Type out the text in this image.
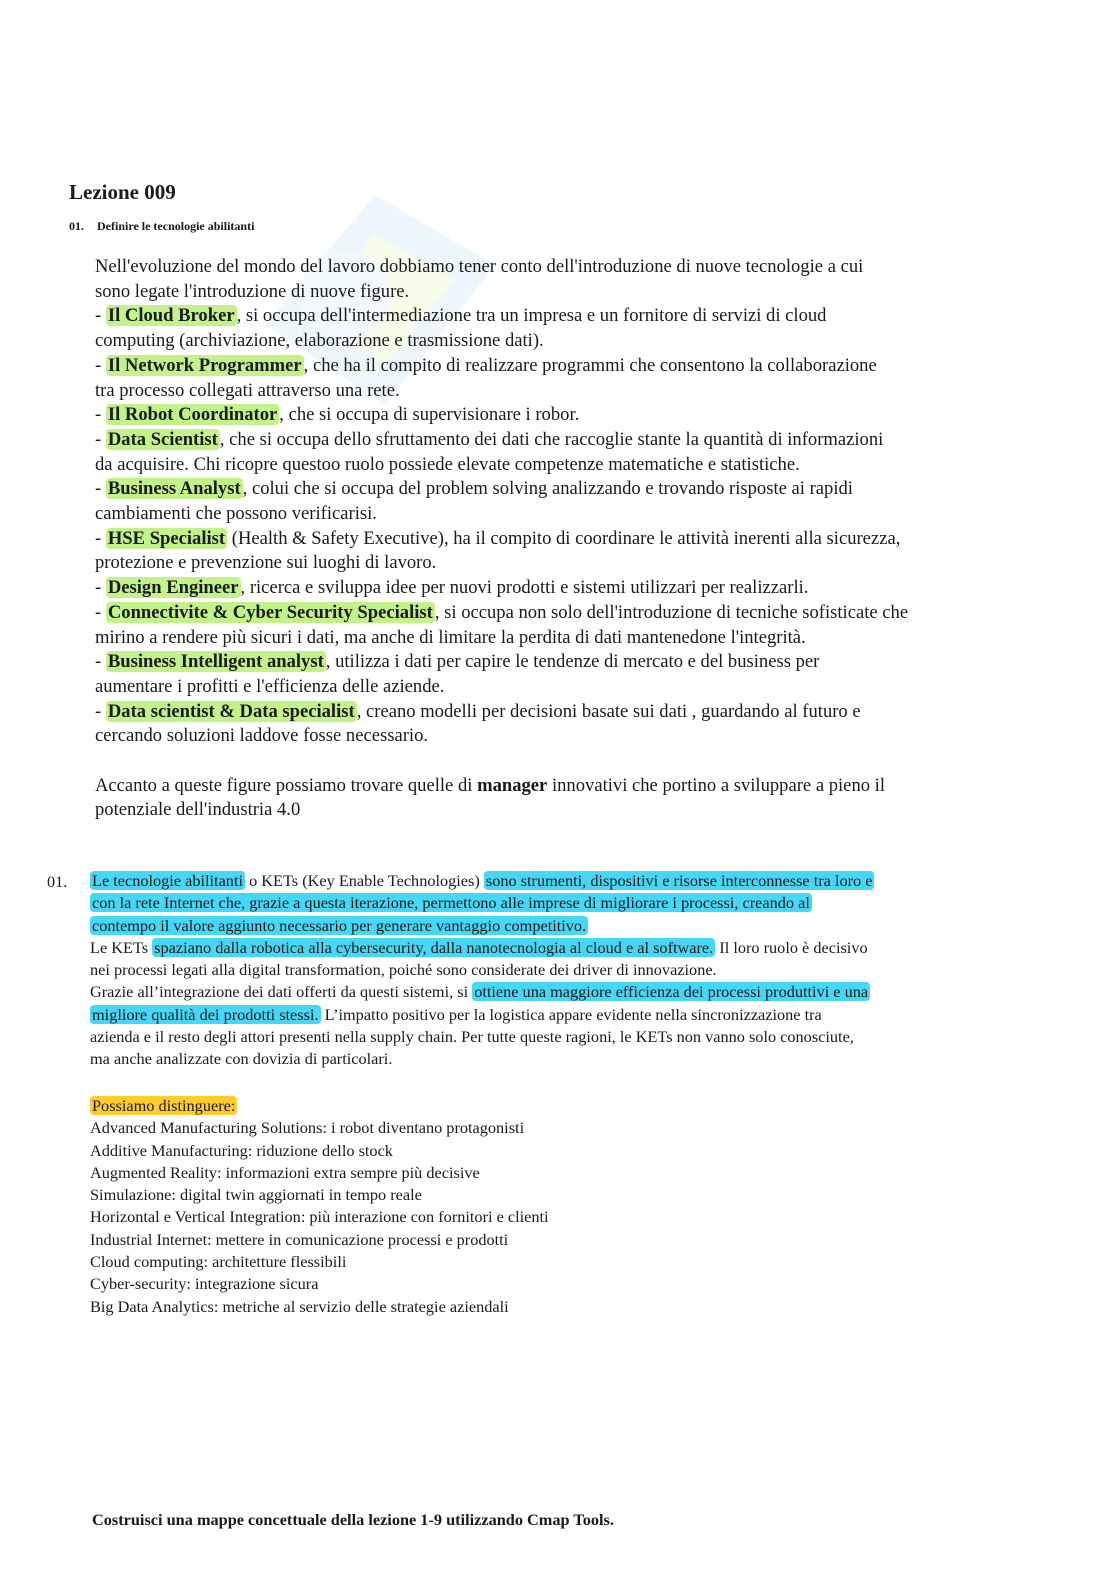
Lezione 009
01. Definire le tecnologie abilitanti
Nell'evoluzione del mondo del lavoro dobbiamo tener conto dell'introduzione di nuove tecnologie a cui
sono legate l'introduzione di nuove figure.
- Il Cloud Broker , si occupa dell'intermediazione tra un impresa e un fornitore di servizi di cloud
computing (archiviazione, elaborazione e trasmissione dati).
- Il Network Programmer , che ha il compito di realizzare programmi che consentono la collaborazione
tra processo collegati attraverso una rete.
- Il Robot Coordinator , che si occupa di supervisionare i robor.
- Data Scientist , che si occupa dello sfruttamento dei dati che raccoglie stante la quantità di informazioni
da acquisire. Chi ricopre questoo ruolo possiede elevate competenze matematiche e statistiche.
- Business Analyst , colui che si occupa del problem solving analizzando e trovando risposte ai rapidi
cambiamenti che possono verificarisi.
- HSE Specialist (Health & Safety Executive), ha il compito di coordinare le attività inerenti alla sicurezza,
protezione e prevenzione sui luoghi di lavoro.
- Design Engineer , ricerca e sviluppa idee per nuovi prodotti e sistemi utilizzari per realizzarli.
- Connectivite & Cyber Security Specialist , si occupa non solo dell'introduzione di tecniche sofisticate che
mirino a rendere più sicuri i dati, ma anche di limitare la perdita di dati mantenedone l'integrità.
- Business Intelligent analyst , utilizza i dati per capire le tendenze di mercato e del business per
aumentare i profitti e l'efficienza delle aziende.
- Data scientist & Data specialist , creano modelli per decisioni basate sui dati , guardando al futuro e
cercando soluzioni laddove fosse necessario.
Accanto a queste figure possiamo trovare quelle di manager innovativi che portino a sviluppare a pieno il
potenziale dell'industria 4.0
01. Le tecnologie abilitanti o KETs (Key Enable Technologies) sono strumenti, dispositivi e risorse interconnesse tra loro e
con la rete Internet che, grazie a questa iterazione, permettono alle imprese di migliorare i processi, creando al
contempo il valore aggiunto necessario per generare vantaggio competitivo.
Le KETs spaziano dalla robotica alla cybersecurity, dalla nanotecnologia al cloud e al software. Il loro ruolo è decisivo
nei processi legati alla digital transformation, poiché sono considerate dei driver di innovazione.
Grazie all’integrazione dei dati offerti da questi sistemi, si ottiene una maggiore efficienza dei processi produttivi e una
migliore qualità dei prodotti stessi. L’impatto positivo per la logistica appare evidente nella sincronizzazione tra
azienda e il resto degli attori presenti nella supply chain. Per tutte queste ragioni, le KETs non vanno solo conosciute,
ma anche analizzate con dovizia di particolari.
Possiamo distinguere:
Advanced Manufacturing Solutions: i robot diventano protagonisti
Additive Manufacturing: riduzione dello stock
Augmented Reality: informazioni extra sempre più decisive
Simulazione: digital twin aggiornati in tempo reale
Horizontal e Vertical Integration: più interazione con fornitori e clienti
Industrial Internet: mettere in comunicazione processi e prodotti
Cloud computing: architetture flessibili
Cyber-security: integrazione sicura
Big Data Analytics: metriche al servizio delle strategie aziendali
Costruisci una mappe concettuale della lezione 1-9 utilizzando Cmap Tools.
